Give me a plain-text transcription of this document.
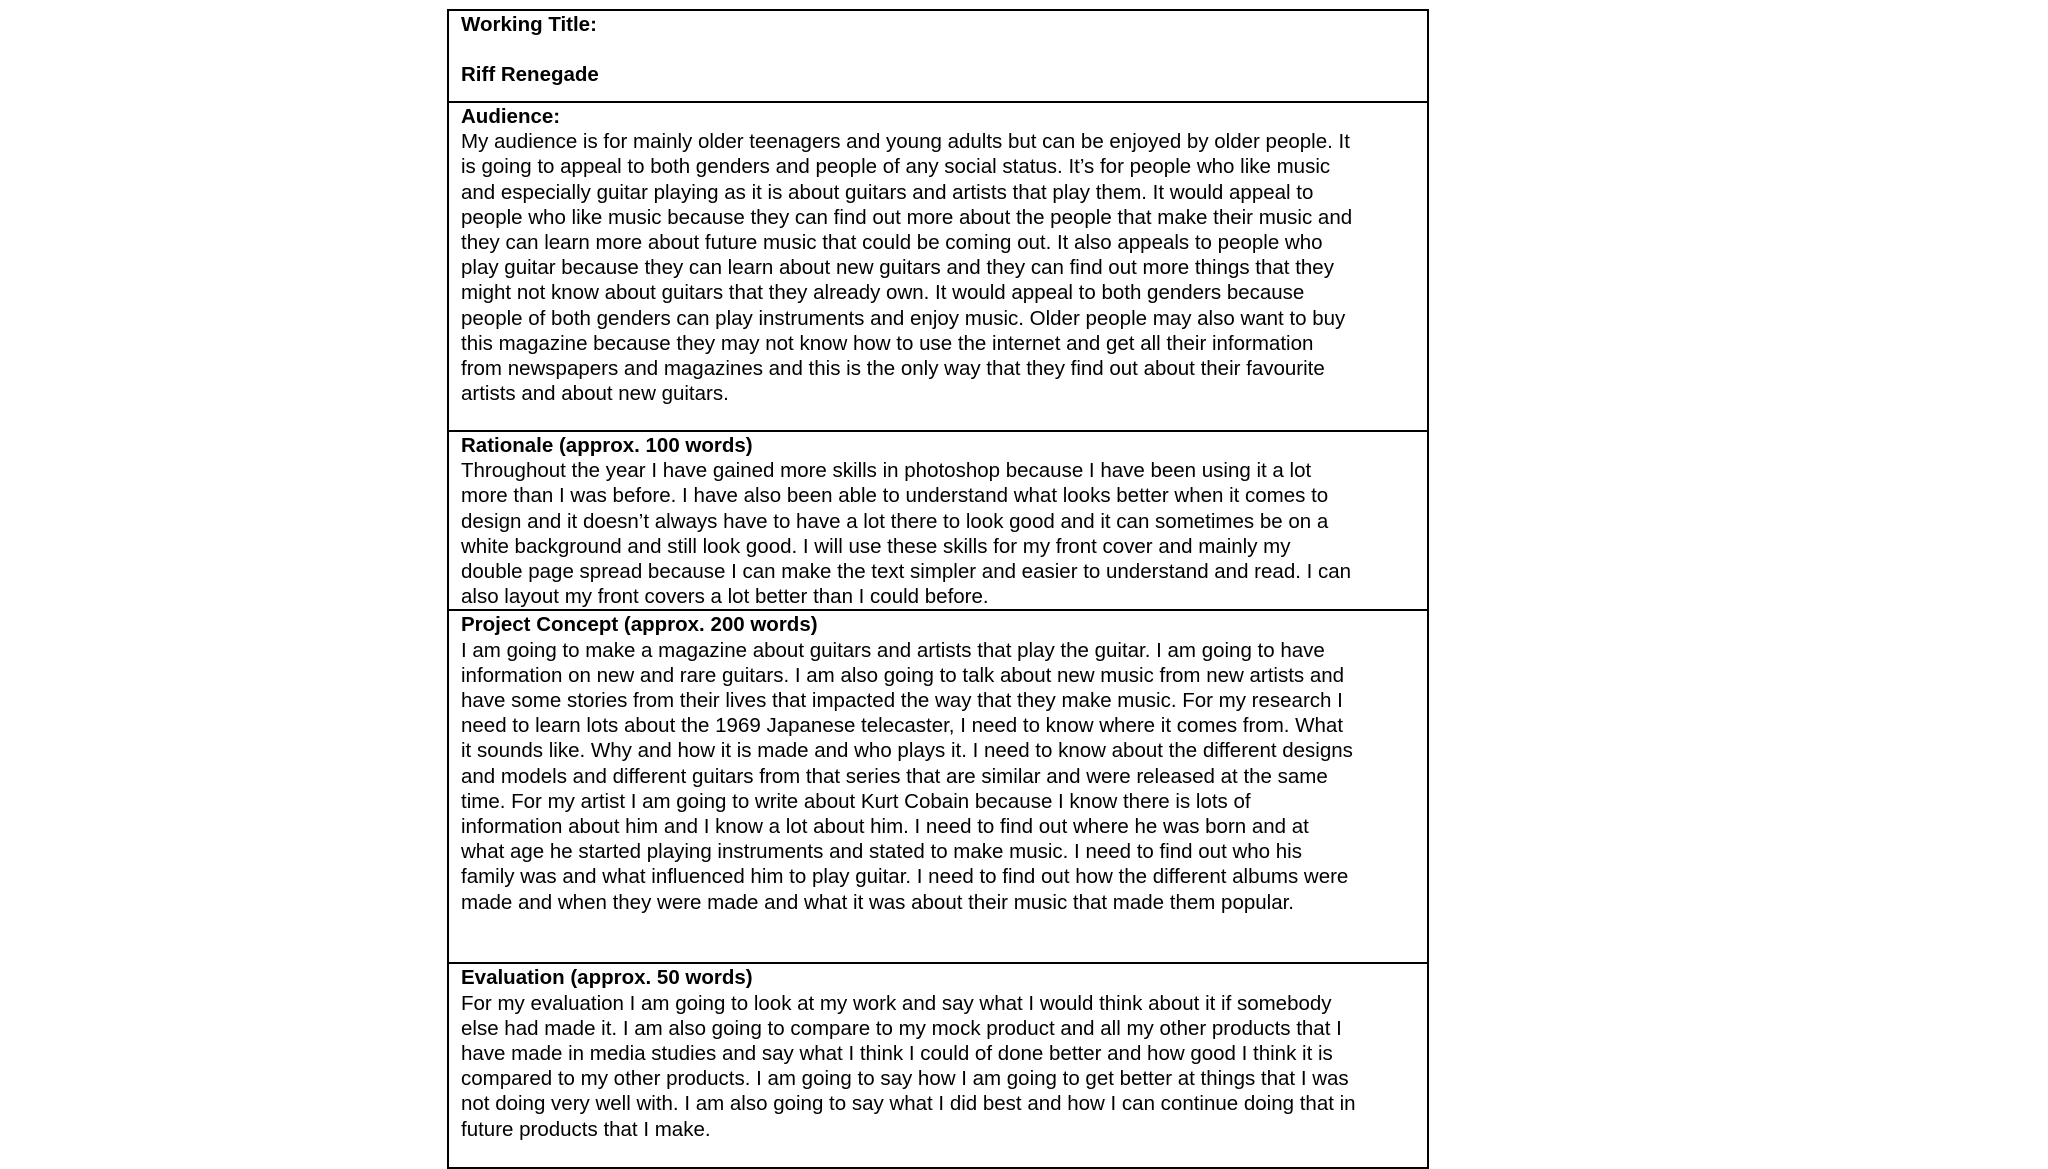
Working Title:
Riff Renegade

Audience:
My audience is for mainly older teenagers and young adults but can be enjoyed by older people. It
is going to appeal to both genders and people of any social status. It’s for people who like music
and especially guitar playing as it is about guitars and artists that play them. It would appeal to
people who like music because they can find out more about the people that make their music and
they can learn more about future music that could be coming out. It also appeals to people who
play guitar because they can learn about new guitars and they can find out more things that they
might not know about guitars that they already own. It would appeal to both genders because
people of both genders can play instruments and enjoy music. Older people may also want to buy
this magazine because they may not know how to use the internet and get all their information
from newspapers and magazines and this is the only way that they find out about their favourite
artists and about new guitars.

Rationale (approx. 100 words)
Throughout the year I have gained more skills in photoshop because I have been using it a lot
more than I was before. I have also been able to understand what looks better when it comes to
design and it doesn’t always have to have a lot there to look good and it can sometimes be on a
white background and still look good. I will use these skills for my front cover and mainly my
double page spread because I can make the text simpler and easier to understand and read. I can
also layout my front covers a lot better than I could before.

Project Concept (approx. 200 words)
I am going to make a magazine about guitars and artists that play the guitar. I am going to have
information on new and rare guitars. I am also going to talk about new music from new artists and
have some stories from their lives that impacted the way that they make music. For my research I
need to learn lots about the 1969 Japanese telecaster, I need to know where it comes from. What
it sounds like. Why and how it is made and who plays it. I need to know about the different designs
and models and different guitars from that series that are similar and were released at the same
time. For my artist I am going to write about Kurt Cobain because I know there is lots of
information about him and I know a lot about him. I need to find out where he was born and at
what age he started playing instruments and stated to make music. I need to find out who his
family was and what influenced him to play guitar. I need to find out how the different albums were
made and when they were made and what it was about their music that made them popular.

Evaluation (approx. 50 words)
For my evaluation I am going to look at my work and say what I would think about it if somebody
else had made it. I am also going to compare to my mock product and all my other products that I
have made in media studies and say what I think I could of done better and how good I think it is
compared to my other products. I am going to say how I am going to get better at things that I was
not doing very well with. I am also going to say what I did best and how I can continue doing that in
future products that I make.
